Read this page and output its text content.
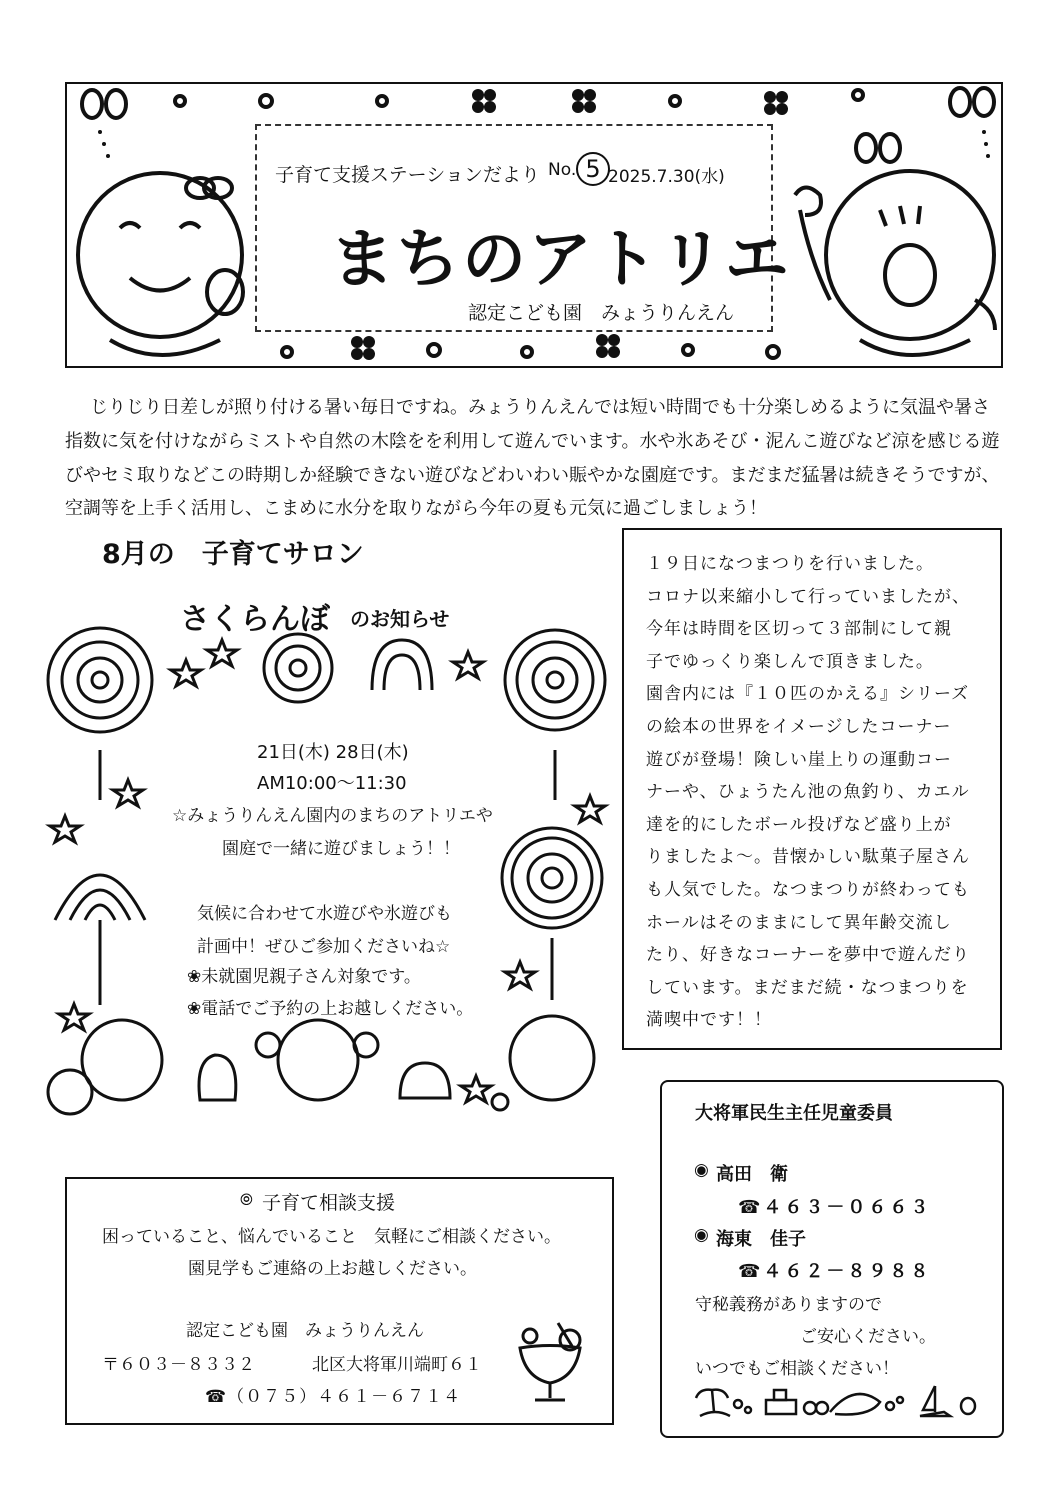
子育て支援ステーションだより No. 5 2025.7.30(水)
まちのアトリエ
認定こども園　みょうりんえん
じりじり日差しが照り付ける暑い毎日ですね。みょうりんえんでは短い時間でも十分楽しめるように気温や暑さ
指数に気を付けながらミストや自然の木陰をを利用して遊んでいます。水や氷あそび・泥んこ遊びなど涼を感じる遊
びやセミ取りなどこの時期しか経験できない遊びなどわいわい賑やかな園庭です。まだまだ猛暑は続きそうですが、
空調等を上手く活用し、こまめに水分を取りながら今年の夏も元気に過ごしましょう！
8月の　子育てサロン
さくらんぼ のお知らせ
21日(木) 28日(木)
AM10:00～11:30
☆みょうりんえん園内のまちのアトリエや
園庭で一緒に遊びましょう！！
気候に合わせて水遊びや氷遊びも
計画中！ぜひご参加くださいね☆
❀未就園児親子さん対象です。
❀電話でご予約の上お越しください。
１９日になつまつりを行いました。
コロナ以来縮小して行っていましたが、
今年は時間を区切って３部制にして親
子でゆっくり楽しんで頂きました。
園舎内には『１０匹のかえる』シリーズ
の絵本の世界をイメージしたコーナー
遊びが登場！険しい崖上りの運動コー
ナーや、ひょうたん池の魚釣り、カエル
達を的にしたボール投げなど盛り上が
りましたよ～。昔懐かしい駄菓子屋さん
も人気でした。なつまつりが終わっても
ホールはそのままにして異年齢交流し
たり、好きなコーナーを夢中で遊んだり
しています。まだまだ続・なつまつりを
満喫中です！！
⦾ 子育て相談支援
困っていること、悩んでいること　気軽にご相談ください。
園見学もご連絡の上お越しください。
認定こども園　みょうりんえん
〒６０３－８３３２	北区大将軍川端町６１
☎（０７５）４６１－６７１４
大将軍民生主任児童委員
◉ 高田　衛
☎４６３－０６６３
◉ 海東　佳子
☎４６２－８９８８
守秘義務がありますので
ご安心ください。
いつでもご相談ください！
